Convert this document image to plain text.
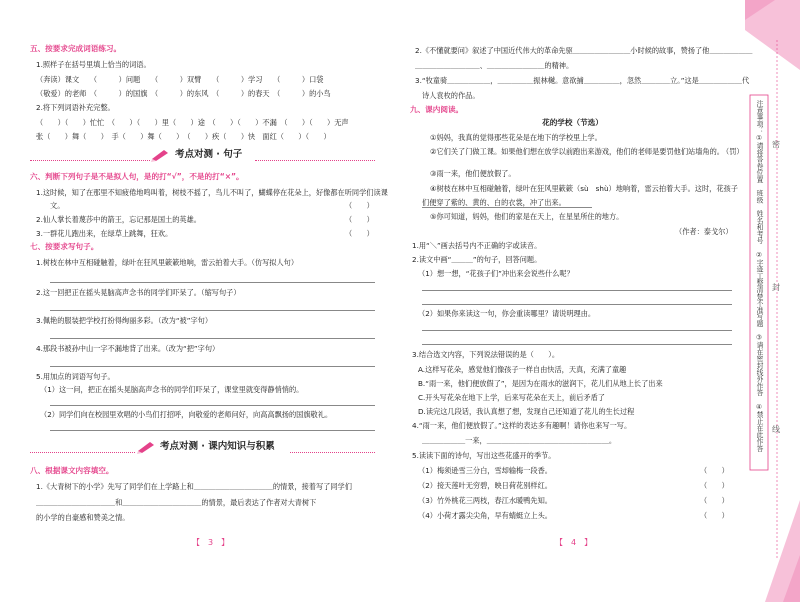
五、按要求完成词语练习。
1.照样子在括号里填上恰当的词语。
（奔读）课文　　（　　　）问题　　（　　　）双臂　　（　　　）学习　　（　　　）口袋
（敬爱）的老师　（　　　）的国旗　（　　　）的东风　（　　　）的春天　（　　　）的小鸟
2.将下列词语补充完整。
（　　）（　　）忙忙　（　　）（　　）里（　　）途　（　　）（　　）不漏　（　　）（　　）无声
张（　　）舞（　　）　手（　　）舞（　　）　（　　）疾（　　）快　面红（　　）（　　）
考点对测 · 句子
六、判断下列句子是不是拟人句，是的打“√”，不是的打“×”。
1.这时候，知了在那里不知疲倦地鸣叫着，树枝不摇了，鸟儿不叫了，蝴蝶停在花朵上，好像都在听同学们读课
文。	（　　）
2.仙人掌长着蔑莎中的箭王，忘记那是国土的英雄。	（　　）
3.一群花儿跑出来，在绿草上跳舞，狂欢。	（　　）
七、按要求写句子。
1.树枝在林中互相碰触着，绿叶在狂风里簌簌地响，雷云拍着大手。（仿写拟人句）
2.这一回把正在摇头晃脑高声念书的同学们吓呆了。（缩写句子）
3.佩艳的服装把学校打扮得绚丽多彩。（改为“被”字句）
4.那段书被孙中山一字不漏地背了出来。（改为“把”字句）
5.用加点的词语写句子。
（1）这一问，把正在摇头晃脑高声念书的同学们吓呆了，课堂里就变得静悄悄的。
（2）同学们向在校园里欢唱的小鸟们打招呼，向敬爱的老师问好，向高高飘扬的国旗敬礼。
考点对测 · 课内知识与积累
八、根据课文内容填空。
1.《大青树下的小学》先写了同学们在上学路上和＿＿＿＿＿＿＿＿＿＿＿的情景，接着写了同学们
＿＿＿＿＿＿＿＿＿＿＿和＿＿＿＿＿＿＿＿＿＿＿的情景，最后表达了作者对大青树下
的小学的自豪感和赞美之情。
【　3　】
2.《不懂就要问》叙述了中国近代伟大的革命先驱＿＿＿＿＿＿＿＿小时候的故事，赞扬了他＿＿＿＿＿＿
＿＿＿＿＿＿＿＿＿、＿＿＿＿＿＿＿＿的精神。
3.“牧童骑＿＿＿＿＿＿，＿＿＿＿＿振林樾。意欲捕＿＿＿＿＿，忽然＿＿＿＿立。”这是＿＿＿＿＿＿代
诗人袁枚的作品。
九、课内阅读。
花的学校（节选）
①妈妈，我真的觉得那些花朵是在地下的学校里上学。
②它们关了门做工课。如果他们想在放学以前跑出来游戏，他们的老师是要罚他们站墙角的。
（罚）
③雨一来，他们便放假了。
④树枝在林中互相碰触着，绿叶在狂风里簌簌（sù　shù）地响着，雷云拍着大手。这时，花孩子
们便穿了紫的、黄的、白的衣裳，冲了出来。
⑤你可知道，妈妈，他们的家是在天上，在星星所住的地方。
（作者：泰戈尔）
1.用“＼”画去括号内不正确的字或读音。
2.读文中画“＿＿＿”的句子，回答问题。
（1）想一想，“花孩子们”冲出来会说些什么呢？
（2）如果你来读这一句，你会重读哪里？请说明理由。
3.结合选文内容，下列说法错误的是（　　）。
A.这样写花朵，感觉他们像孩子一样自由快活，天真，充满了童趣
B.“雨一来，他们便放假了”，是因为在雨水的滋润下，花儿们从地上长了出来
C.开头写花朵在地下上学，后来写花朵在天上，前后矛盾了
D.读完这几段话，我认真想了想，发现自己还知道了花儿的生长过程
4.“雨一来，他们便放假了。”这样的表达多有趣啊！请你也来写一写。
＿＿＿＿＿＿一来，＿＿＿＿＿＿＿＿＿＿＿＿＿＿＿＿＿。
5.读读下面的诗句，写出这些花盛开的季节。
（1）梅须逊雪三分白，雪却输梅一段香。	（　　）
（2）接天莲叶无穷碧，映日荷花别样红。	（　　）
（3）竹外桃花三两枝，春江水暖鸭先知。	（　　）
（4）小荷才露尖尖角，早有蜻蜓立上头。	（　　）
【　4　】
注意事项：①请将答卷位置　班级　姓名和考号　②字迹工整清楚不准写题　③请在密封线外作答　④禁止在此作答	密
封
线
